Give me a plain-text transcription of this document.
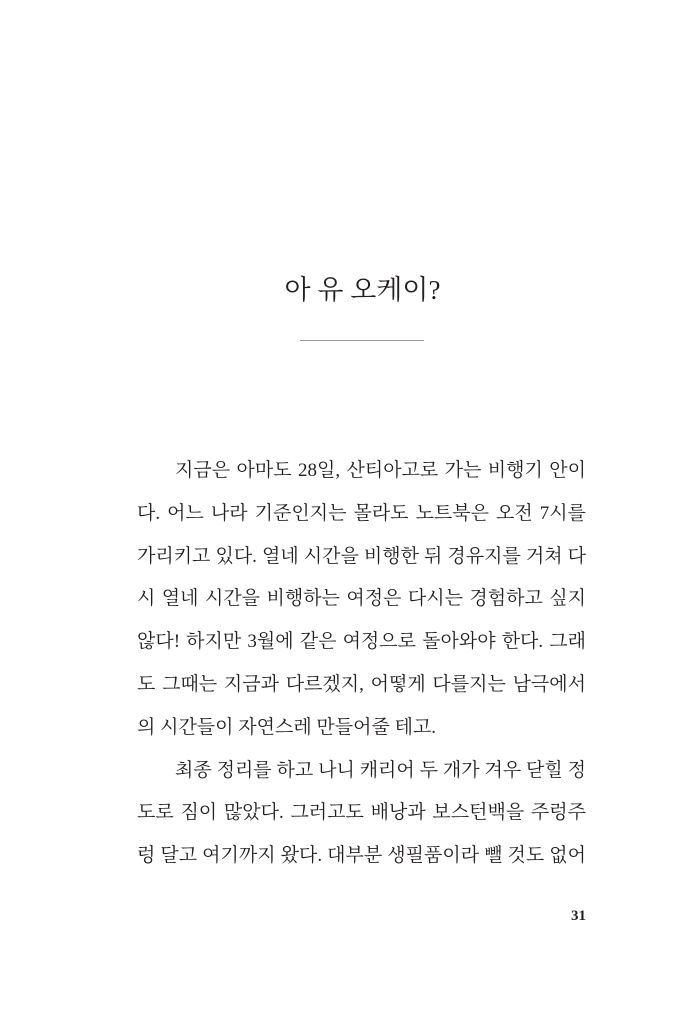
아 유 오케이?
지금은 아마도 28일, 산티아고로 가는 비행기 안이
다. 어느 나라 기준인지는 몰라도 노트북은 오전 7시를
가리키고 있다. 열네 시간을 비행한 뒤 경유지를 거쳐 다
시 열네 시간을 비행하는 여정은 다시는 경험하고 싶지
않다! 하지만 3월에 같은 여정으로 돌아와야 한다. 그래
도 그때는 지금과 다르겠지, 어떻게 다를지는 남극에서
의 시간들이 자연스레 만들어줄 테고.
최종 정리를 하고 나니 캐리어 두 개가 겨우 닫힐 정
도로 짐이 많았다. 그러고도 배낭과 보스턴백을 주렁주
렁 달고 여기까지 왔다. 대부분 생필품이라 뺄 것도 없어
31
